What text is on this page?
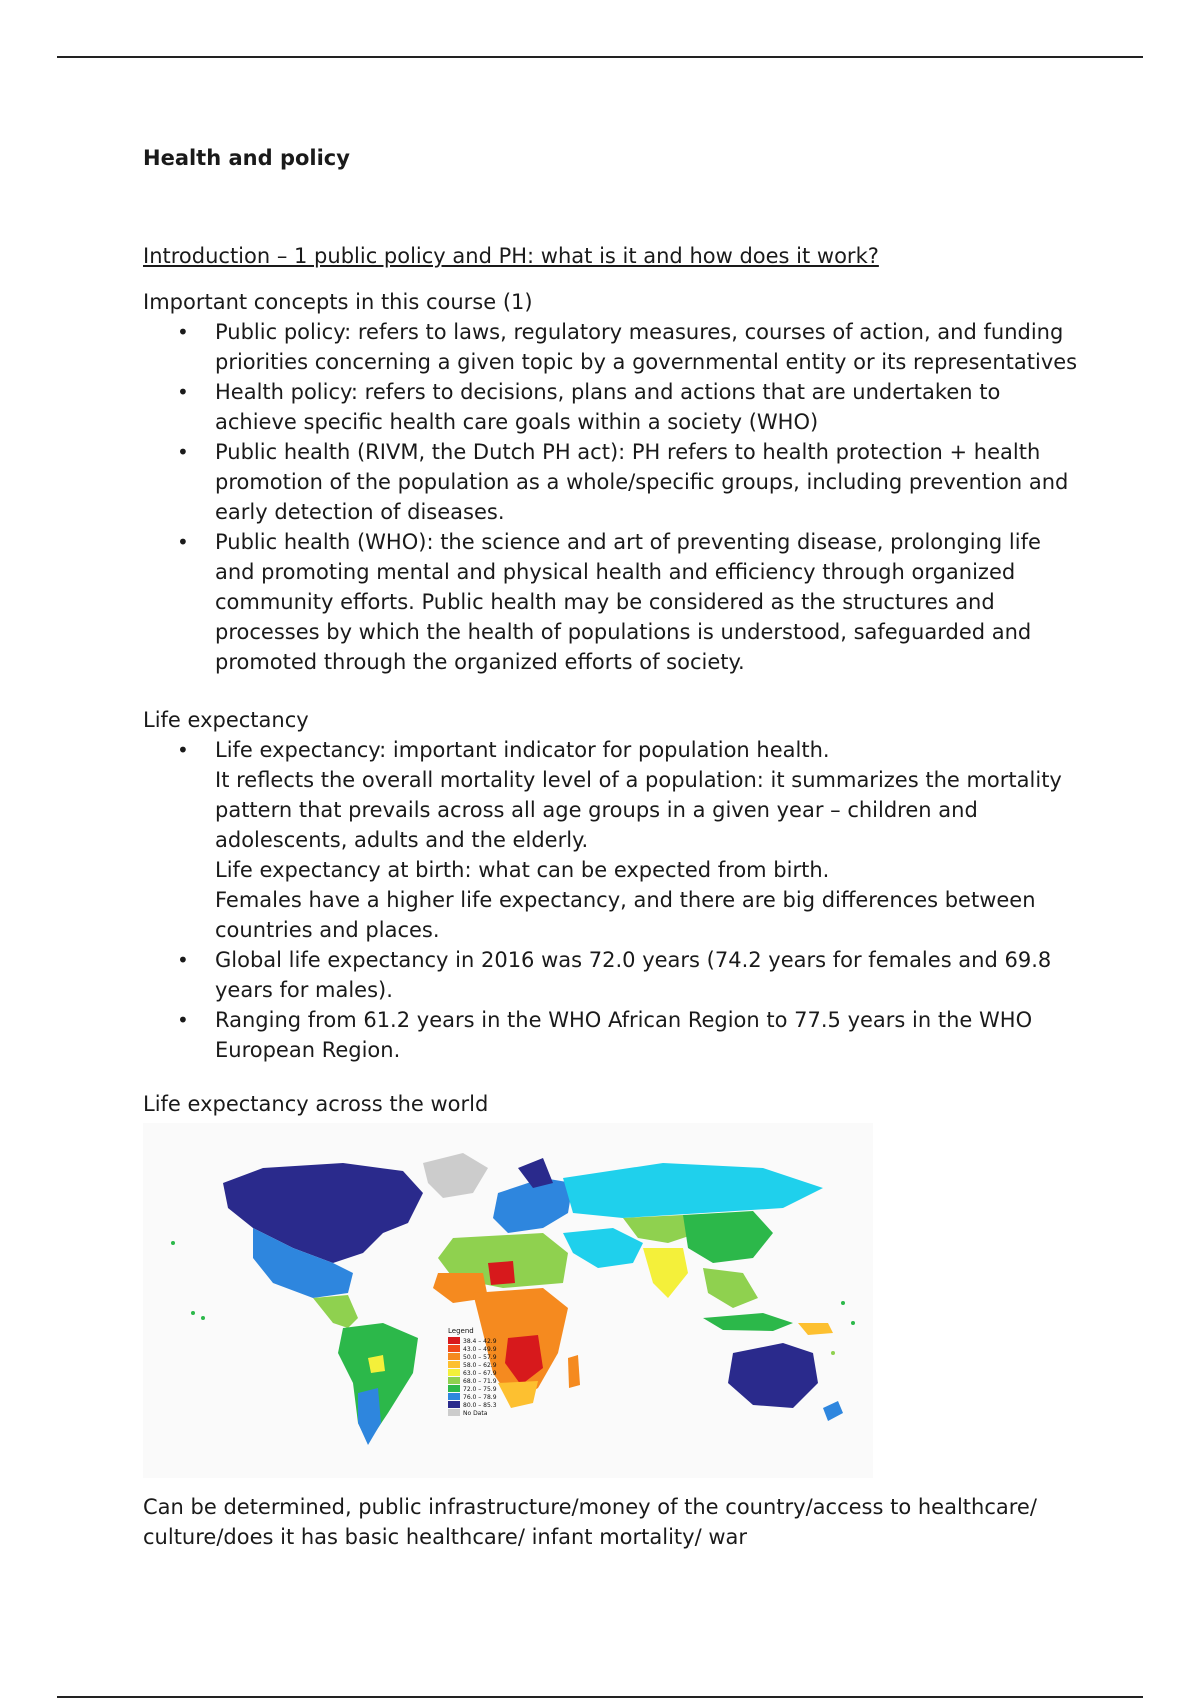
Health and policy

Introduction – 1 public policy and PH: what is it and how does it work?
Important concepts in this course (1)
• Public policy: refers to laws, regulatory measures, courses of action, and funding priorities concerning a given topic by a governmental entity or its representatives
• Health policy: refers to decisions, plans and actions that are undertaken to achieve specific health care goals within a society (WHO)
• Public health (RIVM, the Dutch PH act): PH refers to health protection + health promotion of the population as a whole/specific groups, including prevention and early detection of diseases.
• Public health (WHO): the science and art of preventing disease, prolonging life and promoting mental and physical health and efficiency through organized community efforts. Public health may be considered as the structures and processes by which the health of populations is understood, safeguarded and promoted through the organized efforts of society.
Life expectancy
• Life expectancy: important indicator for population health.
It reflects the overall mortality level of a population: it summarizes the mortality pattern that prevails across all age groups in a given year – children and adolescents, adults and the elderly.
Life expectancy at birth: what can be expected from birth.
Females have a higher life expectancy, and there are big differences between countries and places.
• Global life expectancy in 2016 was 72.0 years (74.2 years for females and 69.8 years for males).
• Ranging from 61.2 years in the WHO African Region to 77.5 years in the WHO European Region.
Life expectancy across the world
Legend
38.4 – 42.9
43.0 – 49.9
50.0 – 57.9
58.0 – 62.9
63.0 – 67.9
68.0 – 71.9
72.0 – 75.9
76.0 – 78.9
80.0 – 85.3
No Data
Can be determined, public infrastructure/money of the country/access to healthcare/ culture/does it has basic healthcare/ infant mortality/ war
